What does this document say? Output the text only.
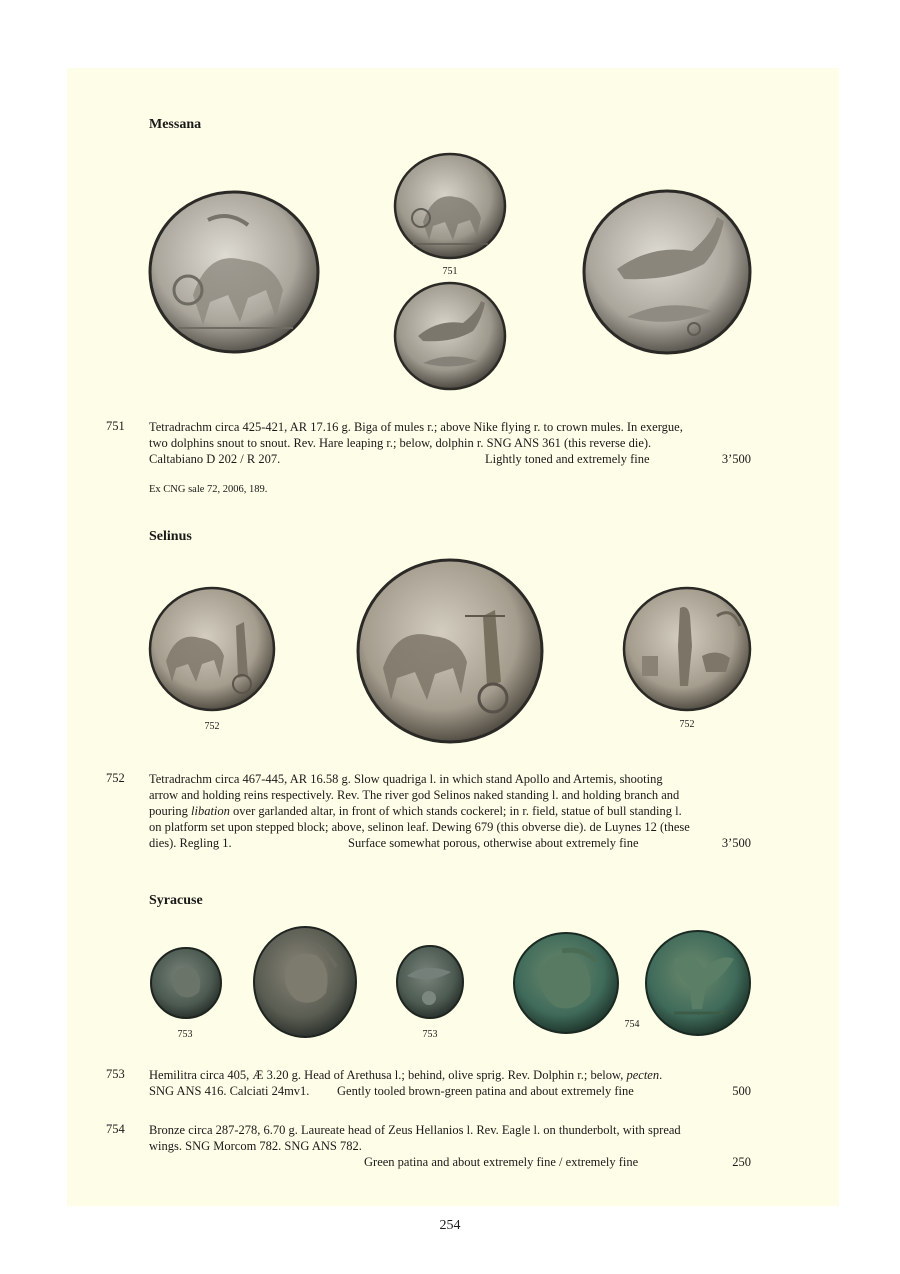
Messana
751
751 Tetradrachm circa 425-421, AR 17.16 g. Biga of mules r.; above Nike flying r. to crown mules. In exergue,
two dolphins snout to snout. Rev. Hare leaping r.; below, dolphin r. SNG ANS 361 (this reverse die).
Caltabiano D 202 / R 207.	Lightly toned and extremely fine	3’500
Ex CNG sale 72, 2006, 189.
Selinus
752	752
752 Tetradrachm circa 467-445, AR 16.58 g. Slow quadriga l. in which stand Apollo and Artemis, shooting
arrow and holding reins respectively. Rev. The river god Selinos naked standing l. and holding branch and
pouring libation over garlanded altar, in front of which stands cockerel; in r. field, statue of bull standing l.
on platform set upon stepped block; above, selinon leaf. Dewing 679 (this obverse die). de Luynes 12 (these
dies). Regling 1.	Surface somewhat porous, otherwise about extremely fine	3’500
Syracuse
753	753
754
753 Hemilitra circa 405, Æ 3.20 g. Head of Arethusa l.; behind, olive sprig. Rev. Dolphin r.; below, pecten.
SNG ANS 416. Calciati 24mv1. Gently tooled brown-green patina and about extremely fine	500
754 Bronze circa 287-278, 6.70 g. Laureate head of Zeus Hellanios l. Rev. Eagle l. on thunderbolt, with spread
wings. SNG Morcom 782. SNG ANS 782.
Green patina and about extremely fine / extremely fine	250
254
